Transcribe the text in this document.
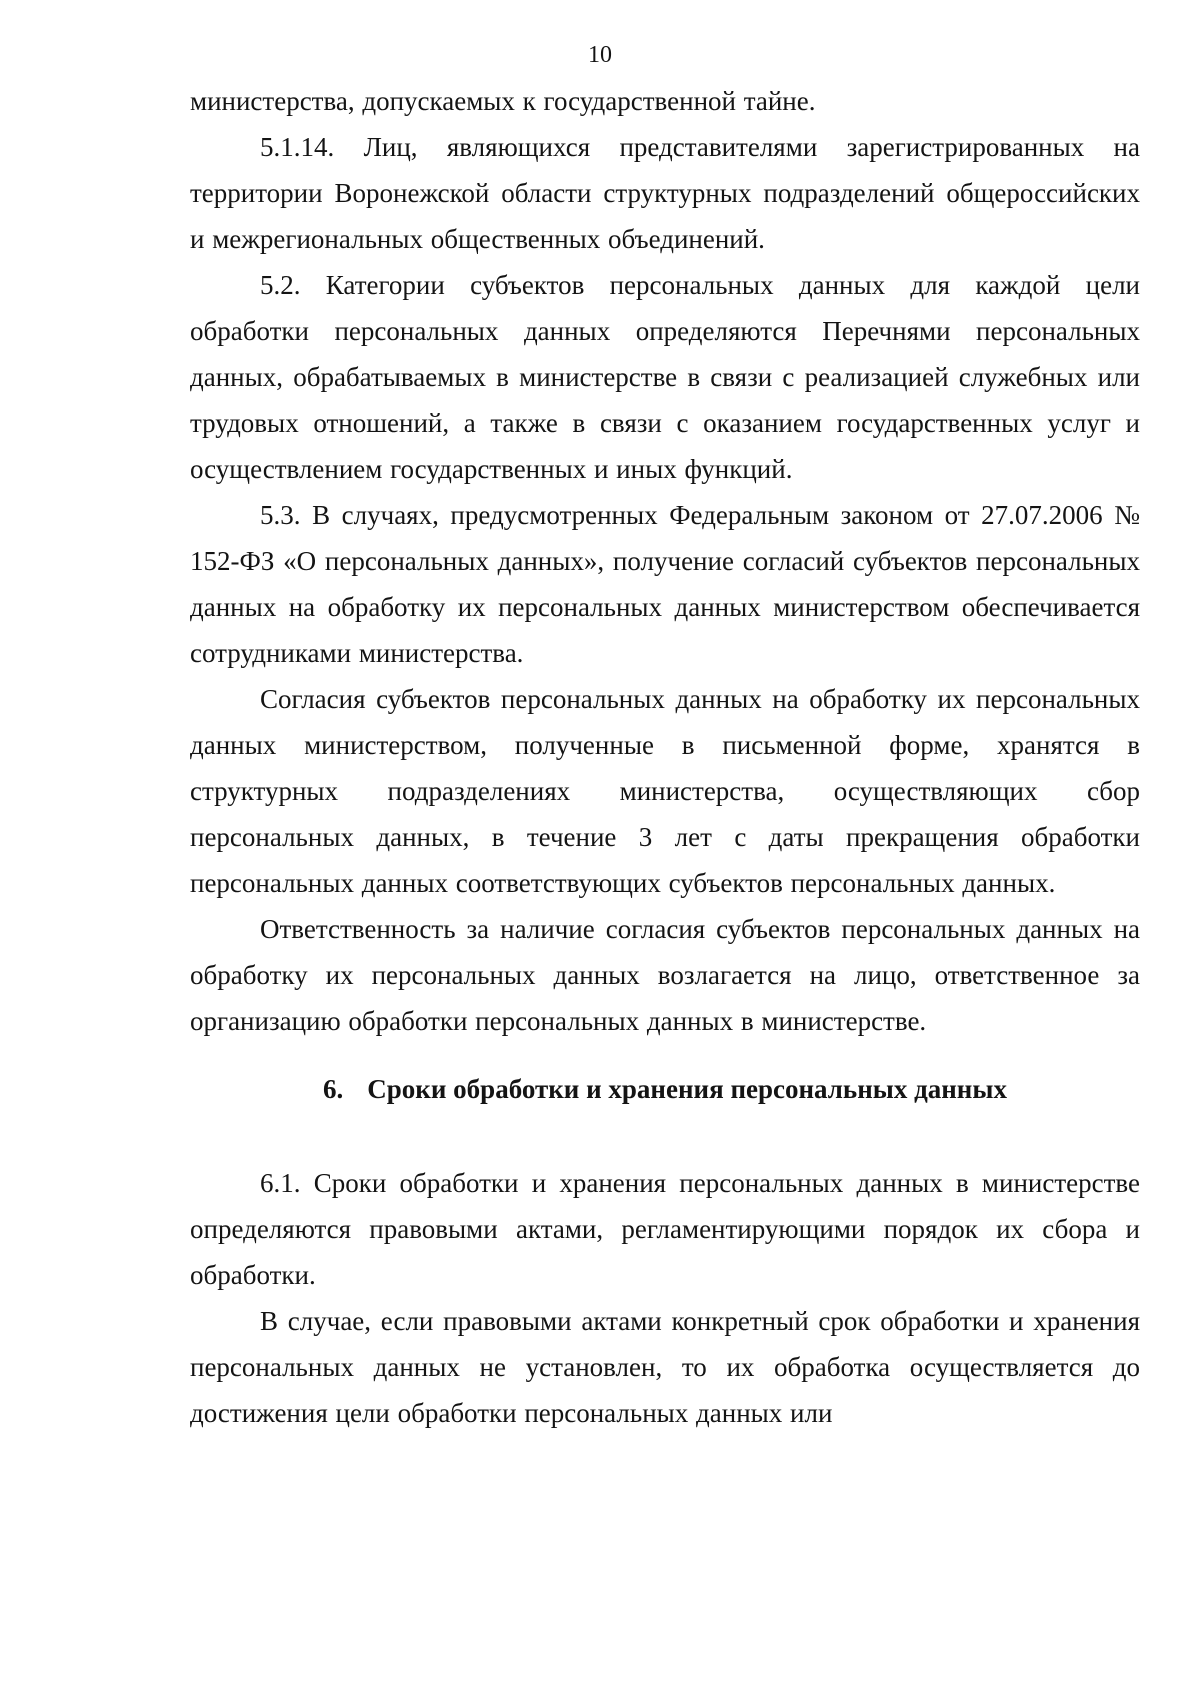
10

министерства, допускаемых к государственной тайне.

5.1.14. Лиц, являющихся представителями зарегистрированных на территории Воронежской области структурных подразделений общероссийских и межрегиональных общественных объединений.

5.2. Категории субъектов персональных данных для каждой цели обработки персональных данных определяются Перечнями персональных данных, обрабатываемых в министерстве в связи с реализацией служебных или трудовых отношений, а также в связи с оказанием государственных услуг и осуществлением государственных и иных функций.

5.3. В случаях, предусмотренных Федеральным законом от 27.07.2006 № 152-ФЗ «О персональных данных», получение согласий субъектов персональных данных на обработку их персональных данных министерством обеспечивается сотрудниками министерства.

Согласия субъектов персональных данных на обработку их персональных данных министерством, полученные в письменной форме, хранятся в структурных подразделениях министерства, осуществляющих сбор персональных данных, в течение 3 лет с даты прекращения обработки персональных данных соответствующих субъектов персональных данных.

Ответственность за наличие согласия субъектов персональных данных на обработку их персональных данных возлагается на лицо, ответственное за организацию обработки персональных данных в министерстве.

6. Сроки обработки и хранения персональных данных

6.1. Сроки обработки и хранения персональных данных в министерстве определяются правовыми актами, регламентирующими порядок их сбора и обработки.

В случае, если правовыми актами конкретный срок обработки и хранения персональных данных не установлен, то их обработка осуществляется до достижения цели обработки персональных данных или
